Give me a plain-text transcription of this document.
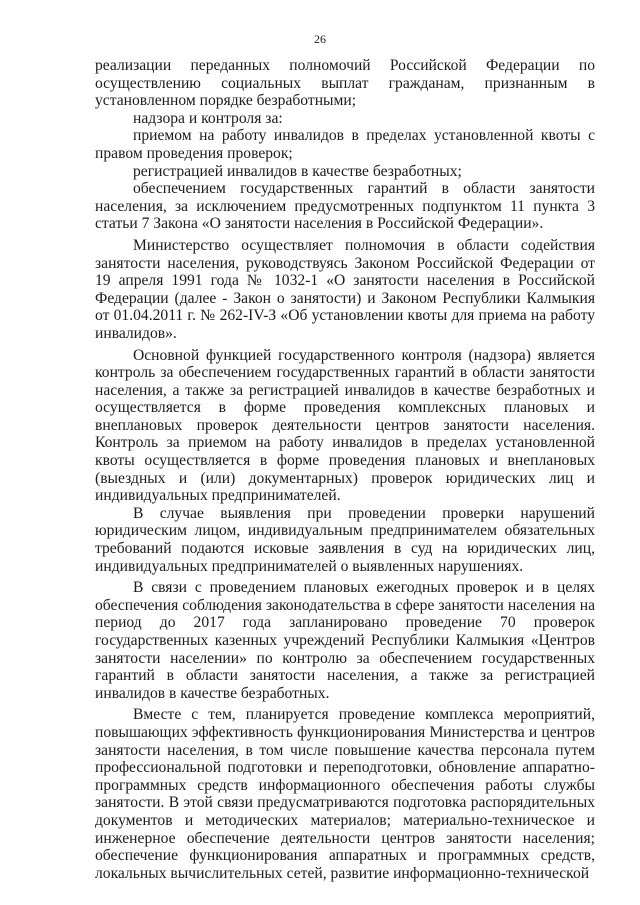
26

реализации переданных полномочий Российской Федерации по осуществлению социальных выплат гражданам, признанным в установленном порядке безработными;

надзора и контроля за:

приемом на работу инвалидов в пределах установленной квоты с правом проведения проверок;

регистрацией инвалидов в качестве безработных;

обеспечением государственных гарантий в области занятости населения, за исключением предусмотренных подпунктом 11 пункта 3 статьи 7 Закона «О занятости населения в Российской Федерации».

Министерство осуществляет полномочия в области содействия занятости населения, руководствуясь Законом Российской Федерации от 19 апреля 1991 года № 1032-1 «О занятости населения в Российской Федерации (далее - Закон о занятости) и Законом Республики Калмыкия от 01.04.2011 г. № 262-IV-З «Об установлении квоты для приема на работу инвалидов».

Основной функцией государственного контроля (надзора) является контроль за обеспечением государственных гарантий в области занятости населения, а также за регистрацией инвалидов в качестве безработных и осуществляется в форме проведения комплексных плановых и внеплановых проверок деятельности центров занятости населения. Контроль за приемом на работу инвалидов в пределах установленной квоты осуществляется в форме проведения плановых и внеплановых (выездных и (или) документарных) проверок юридических лиц и индивидуальных предпринимателей.

В случае выявления при проведении проверки нарушений юридическим лицом, индивидуальным предпринимателем обязательных требований подаются исковые заявления в суд на юридических лиц, индивидуальных предпринимателей о выявленных нарушениях.

В связи с проведением плановых ежегодных проверок и в целях обеспечения соблюдения законодательства в сфере занятости населения на период до 2017 года запланировано проведение 70 проверок государственных казенных учреждений Республики Калмыкия «Центров занятости населении» по контролю за обеспечением государственных гарантий в области занятости населения, а также за регистрацией инвалидов в качестве безработных.

Вместе с тем, планируется проведение комплекса мероприятий, повышающих эффективность функционирования Министерства и центров занятости населения, в том числе повышение качества персонала путем профессиональной подготовки и переподготовки, обновление аппаратно-программных средств информационного обеспечения работы службы занятости. В этой связи предусматриваются подготовка распорядительных документов и методических материалов; материально-техническое и инженерное обеспечение деятельности центров занятости населения; обеспечение функционирования аппаратных и программных средств, локальных вычислительных сетей, развитие информационно-технической
